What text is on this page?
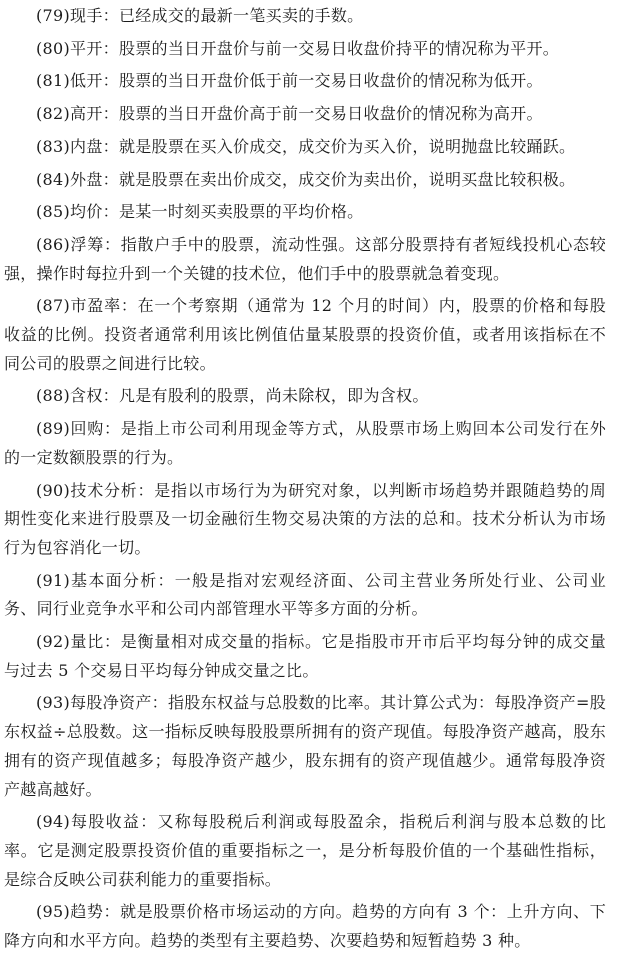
(79)现手：已经成交的最新一笔买卖的手数。

(80)平开：股票的当日开盘价与前一交易日收盘价持平的情况称为平开。

(81)低开：股票的当日开盘价低于前一交易日收盘价的情况称为低开。

(82)高开：股票的当日开盘价高于前一交易日收盘价的情况称为高开。

(83)内盘：就是股票在买入价成交，成交价为买入价，说明抛盘比较踊跃。

(84)外盘：就是股票在卖出价成交，成交价为卖出价，说明买盘比较积极。

(85)均价：是某一时刻买卖股票的平均价格。

(86)浮筹：指散户手中的股票，流动性强。这部分股票持有者短线投机心态较强，操作时每拉升到一个关键的技术位，他们手中的股票就急着变现。

(87)市盈率：在一个考察期（通常为 12 个月的时间）内，股票的价格和每股收益的比例。投资者通常利用该比例值估量某股票的投资价值，或者用该指标在不同公司的股票之间进行比较。

(88)含权：凡是有股利的股票，尚未除权，即为含权。

(89)回购：是指上市公司利用现金等方式，从股票市场上购回本公司发行在外的一定数额股票的行为。

(90)技术分析：是指以市场行为为研究对象，以判断市场趋势并跟随趋势的周期性变化来进行股票及一切金融衍生物交易决策的方法的总和。技术分析认为市场行为包容消化一切。

(91)基本面分析：一般是指对宏观经济面、公司主营业务所处行业、公司业务、同行业竞争水平和公司内部管理水平等多方面的分析。

(92)量比：是衡量相对成交量的指标。它是指股市开市后平均每分钟的成交量与过去 5 个交易日平均每分钟成交量之比。

(93)每股净资产：指股东权益与总股数的比率。其计算公式为：每股净资产=股东权益÷总股数。这一指标反映每股股票所拥有的资产现值。每股净资产越高，股东拥有的资产现值越多；每股净资产越少，股东拥有的资产现值越少。通常每股净资产越高越好。

(94)每股收益：又称每股税后利润或每股盈余，指税后利润与股本总数的比率。它是测定股票投资价值的重要指标之一，是分析每股价值的一个基础性指标，是综合反映公司获利能力的重要指标。

(95)趋势：就是股票价格市场运动的方向。趋势的方向有 3 个：上升方向、下降方向和水平方向。趋势的类型有主要趋势、次要趋势和短暂趋势 3 种。
